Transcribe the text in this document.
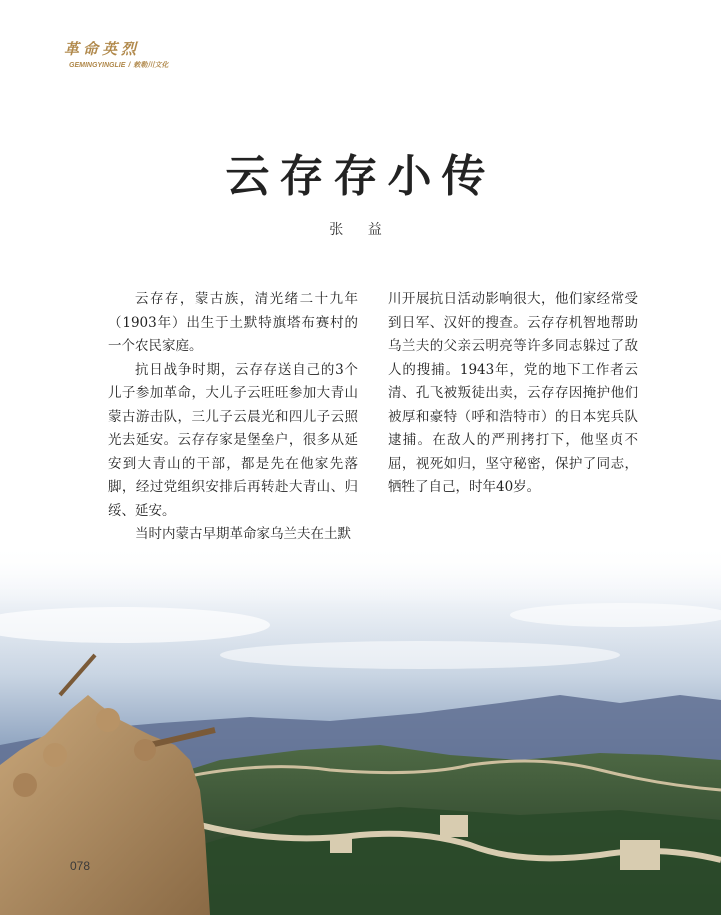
革命英烈
GEMINGYINGLIE / 敕勒川文化
云存存小传
张 益

云存存，蒙古族，清光绪二十九年（1903年）出生于土默特旗塔布赛村的一个农民家庭。

抗日战争时期，云存存送自己的3个儿子参加革命，大儿子云旺旺参加大青山蒙古游击队，三儿子云晨光和四儿子云照光去延安。云存存家是堡垒户，很多从延安到大青山的干部，都是先在他家先落脚，经过党组织安排后再转赴大青山、归绥、延安。

当时内蒙古早期革命家乌兰夫在土默

川开展抗日活动影响很大，他们家经常受到日军、汉奸的搜查。云存存机智地帮助乌兰夫的父亲云明亮等许多同志躲过了敌人的搜捕。1943年，党的地下工作者云清、孔飞被叛徒出卖，云存存因掩护他们被厚和豪特（呼和浩特市）的日本宪兵队逮捕。在敌人的严刑拷打下，他坚贞不屈，视死如归，坚守秘密，保护了同志，牺牲了自己，时年40岁。

078
